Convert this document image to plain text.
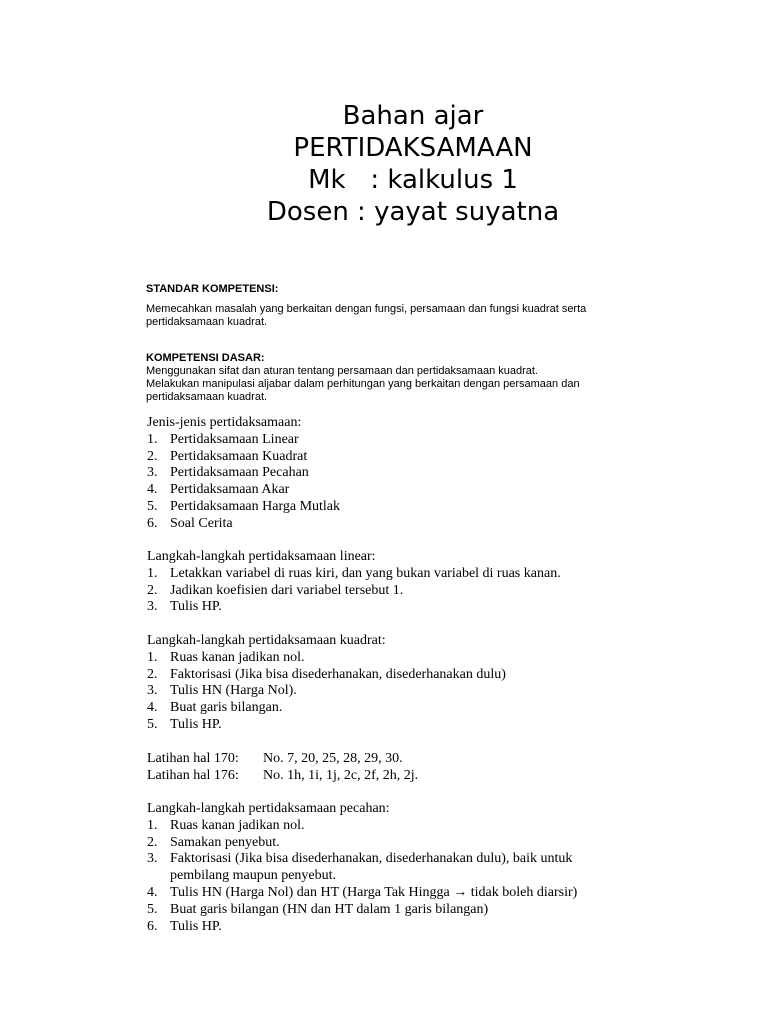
Bahan ajar
PERTIDAKSAMAAN
Mk   : kalkulus 1
Dosen : yayat suyatna
STANDAR KOMPETENSI:
Memecahkan masalah yang berkaitan dengan fungsi, persamaan dan fungsi kuadrat serta
pertidaksamaan kuadrat.
KOMPETENSI DASAR:
Menggunakan sifat dan aturan tentang persamaan dan pertidaksamaan kuadrat.
Melakukan manipulasi aljabar dalam perhitungan yang berkaitan dengan persamaan dan
pertidaksamaan kuadrat.
Jenis-jenis pertidaksamaan:
1. Pertidaksamaan Linear
2. Pertidaksamaan Kuadrat
3. Pertidaksamaan Pecahan
4. Pertidaksamaan Akar
5. Pertidaksamaan Harga Mutlak
6. Soal Cerita
Langkah-langkah pertidaksamaan linear:
1. Letakkan variabel di ruas kiri, dan yang bukan variabel di ruas kanan.
2. Jadikan koefisien dari variabel tersebut 1.
3. Tulis HP.
Langkah-langkah pertidaksamaan kuadrat:
1. Ruas kanan jadikan nol.
2. Faktorisasi (Jika bisa disederhanakan, disederhanakan dulu)
3. Tulis HN (Harga Nol).
4. Buat garis bilangan.
5. Tulis HP.
Latihan hal 170: No. 7, 20, 25, 28, 29, 30.
Latihan hal 176: No. 1h, 1i, 1j, 2c, 2f, 2h, 2j.
Langkah-langkah pertidaksamaan pecahan:
1. Ruas kanan jadikan nol.
2. Samakan penyebut.
3. Faktorisasi (Jika bisa disederhanakan, disederhanakan dulu), baik untuk
pembilang maupun penyebut.
4. Tulis HN (Harga Nol) dan HT (Harga Tak Hingga → tidak boleh diarsir)
5. Buat garis bilangan (HN dan HT dalam 1 garis bilangan)
6. Tulis HP.
